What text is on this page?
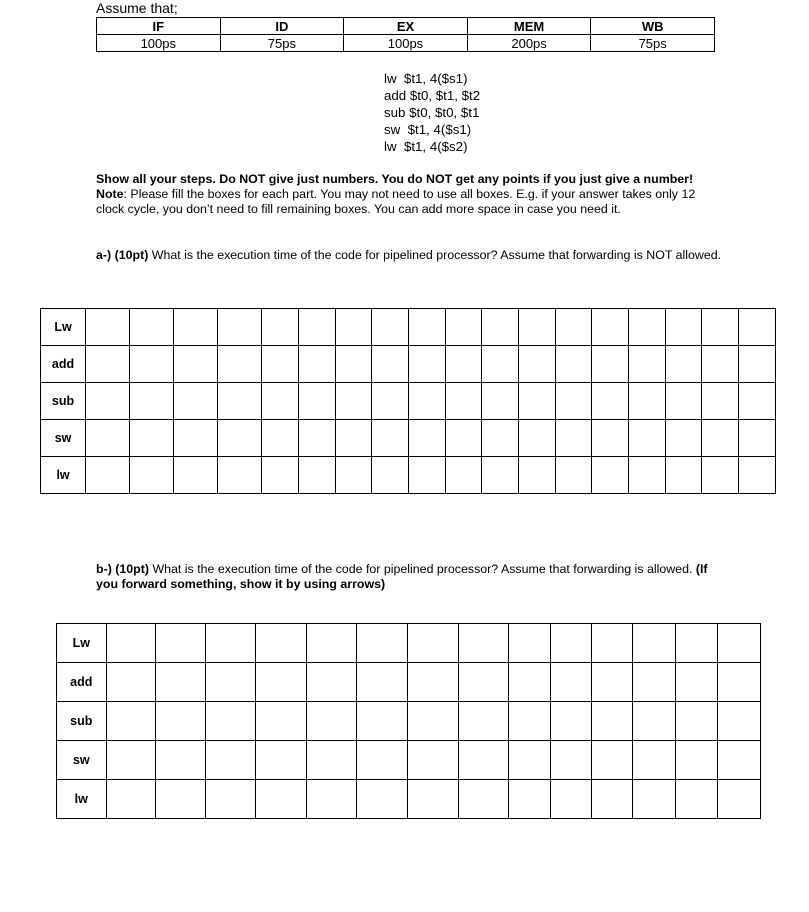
Assume that;
IF	ID	EX	MEM	WB
100ps	75ps	100ps	200ps	75ps
lw  $t1, 4($s1)
add $t0, $t1, $t2
sub $t0, $t0, $t1
sw  $t1, 4($s1)
lw  $t1, 4($s2)

Show all your steps. Do NOT give just numbers. You do NOT get any points if you just give a number!

Note: Please fill the boxes for each part. You may not need to use all boxes. E.g. if your answer takes only 12 clock cycle, you don’t need to fill remaining boxes. You can add more space in case you need it.

a-) (10pt) What is the execution time of the code for pipelined processor? Assume that forwarding is NOT allowed.
Lw																		
add																		
sub																		
sw																		
lw																		
b-) (10pt) What is the execution time of the code for pipelined processor? Assume that forwarding is allowed. (If you forward something, show it by using arrows)
Lw														
add														
sub														
sw														
lw														
